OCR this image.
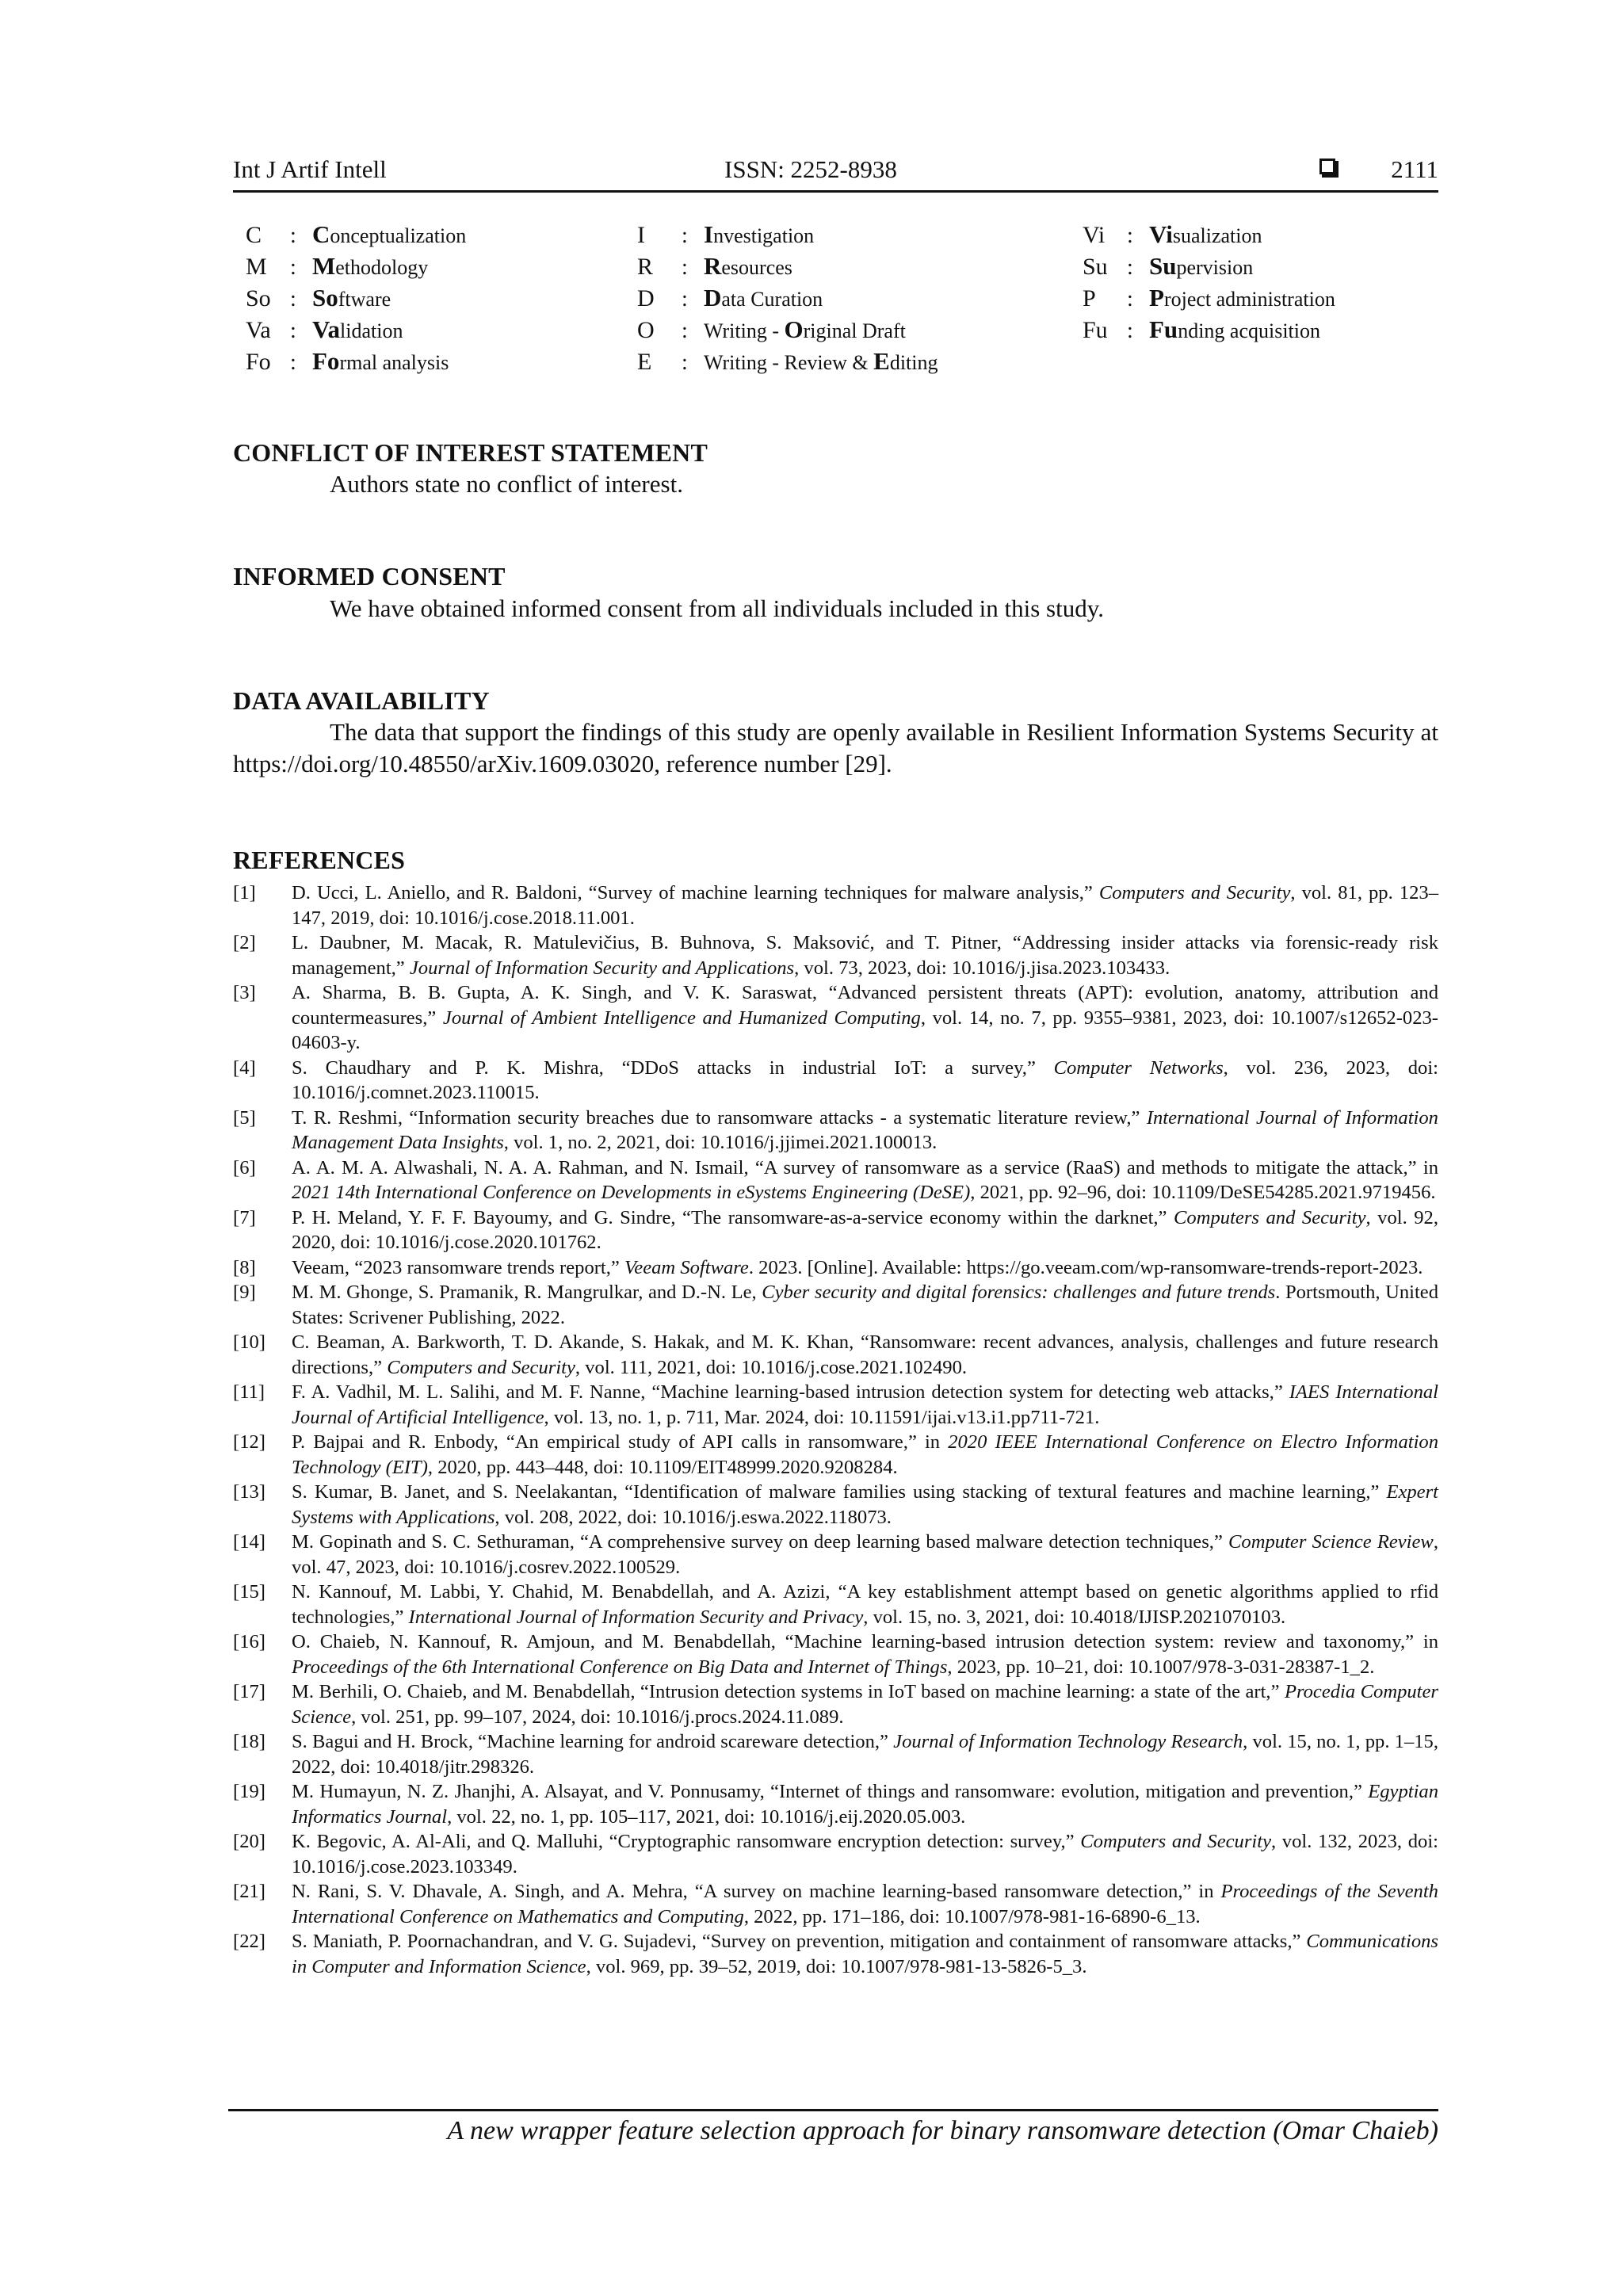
Int J Artif Intell	ISSN: 2252-8938	2111
C : Conceptualization
M : Methodology
So : Software
Va : Validation
Fo : Formal analysis
I : Investigation
R : Resources
D : Data Curation
O : Writing - Original Draft
E : Writing - Review & Editing
Vi : Visualization
Su : Supervision
P : Project administration
Fu : Funding acquisition
CONFLICT OF INTEREST STATEMENT
Authors state no conflict of interest.
INFORMED CONSENT
We have obtained informed consent from all individuals included in this study.
DATA AVAILABILITY
The data that support the findings of this study are openly available in Resilient Information Systems Security at https://doi.org/10.48550/arXiv.1609.03020, reference number [29].
REFERENCES
[1] D. Ucci, L. Aniello, and R. Baldoni, “Survey of machine learning techniques for malware analysis,” Computers and Security, vol. 81, pp. 123–147, 2019, doi: 10.1016/j.cose.2018.11.001.
[2] L. Daubner, M. Macak, R. Matulevičius, B. Buhnova, S. Maksović, and T. Pitner, “Addressing insider attacks via forensic-ready risk management,” Journal of Information Security and Applications, vol. 73, 2023, doi: 10.1016/j.jisa.2023.103433.
[3] A. Sharma, B. B. Gupta, A. K. Singh, and V. K. Saraswat, “Advanced persistent threats (APT): evolution, anatomy, attribution and countermeasures,” Journal of Ambient Intelligence and Humanized Computing, vol. 14, no. 7, pp. 9355–9381, 2023, doi: 10.1007/s12652-023-04603-y.
[4] S. Chaudhary and P. K. Mishra, “DDoS attacks in industrial IoT: a survey,” Computer Networks, vol. 236, 2023, doi: 10.1016/j.comnet.2023.110015.
[5] T. R. Reshmi, “Information security breaches due to ransomware attacks - a systematic literature review,” International Journal of Information Management Data Insights, vol. 1, no. 2, 2021, doi: 10.1016/j.jjimei.2021.100013.
[6] A. A. M. A. Alwashali, N. A. A. Rahman, and N. Ismail, “A survey of ransomware as a service (RaaS) and methods to mitigate the attack,” in 2021 14th International Conference on Developments in eSystems Engineering (DeSE), 2021, pp. 92–96, doi: 10.1109/DeSE54285.2021.9719456.
[7] P. H. Meland, Y. F. F. Bayoumy, and G. Sindre, “The ransomware-as-a-service economy within the darknet,” Computers and Security, vol. 92, 2020, doi: 10.1016/j.cose.2020.101762.
[8] Veeam, “2023 ransomware trends report,” Veeam Software. 2023. [Online]. Available: https://go.veeam.com/wp-ransomware-trends-report-2023.
[9] M. M. Ghonge, S. Pramanik, R. Mangrulkar, and D.-N. Le, Cyber security and digital forensics: challenges and future trends. Portsmouth, United States: Scrivener Publishing, 2022.
[10] C. Beaman, A. Barkworth, T. D. Akande, S. Hakak, and M. K. Khan, “Ransomware: recent advances, analysis, challenges and future research directions,” Computers and Security, vol. 111, 2021, doi: 10.1016/j.cose.2021.102490.
[11] F. A. Vadhil, M. L. Salihi, and M. F. Nanne, “Machine learning-based intrusion detection system for detecting web attacks,” IAES International Journal of Artificial Intelligence, vol. 13, no. 1, p. 711, Mar. 2024, doi: 10.11591/ijai.v13.i1.pp711-721.
[12] P. Bajpai and R. Enbody, “An empirical study of API calls in ransomware,” in 2020 IEEE International Conference on Electro Information Technology (EIT), 2020, pp. 443–448, doi: 10.1109/EIT48999.2020.9208284.
[13] S. Kumar, B. Janet, and S. Neelakantan, “Identification of malware families using stacking of textural features and machine learning,” Expert Systems with Applications, vol. 208, 2022, doi: 10.1016/j.eswa.2022.118073.
[14] M. Gopinath and S. C. Sethuraman, “A comprehensive survey on deep learning based malware detection techniques,” Computer Science Review, vol. 47, 2023, doi: 10.1016/j.cosrev.2022.100529.
[15] N. Kannouf, M. Labbi, Y. Chahid, M. Benabdellah, and A. Azizi, “A key establishment attempt based on genetic algorithms applied to rfid technologies,” International Journal of Information Security and Privacy, vol. 15, no. 3, 2021, doi: 10.4018/IJISP.2021070103.
[16] O. Chaieb, N. Kannouf, R. Amjoun, and M. Benabdellah, “Machine learning-based intrusion detection system: review and taxonomy,” in Proceedings of the 6th International Conference on Big Data and Internet of Things, 2023, pp. 10–21, doi: 10.1007/978-3-031-28387-1_2.
[17] M. Berhili, O. Chaieb, and M. Benabdellah, “Intrusion detection systems in IoT based on machine learning: a state of the art,” Procedia Computer Science, vol. 251, pp. 99–107, 2024, doi: 10.1016/j.procs.2024.11.089.
[18] S. Bagui and H. Brock, “Machine learning for android scareware detection,” Journal of Information Technology Research, vol. 15, no. 1, pp. 1–15, 2022, doi: 10.4018/jitr.298326.
[19] M. Humayun, N. Z. Jhanjhi, A. Alsayat, and V. Ponnusamy, “Internet of things and ransomware: evolution, mitigation and prevention,” Egyptian Informatics Journal, vol. 22, no. 1, pp. 105–117, 2021, doi: 10.1016/j.eij.2020.05.003.
[20] K. Begovic, A. Al-Ali, and Q. Malluhi, “Cryptographic ransomware encryption detection: survey,” Computers and Security, vol. 132, 2023, doi: 10.1016/j.cose.2023.103349.
[21] N. Rani, S. V. Dhavale, A. Singh, and A. Mehra, “A survey on machine learning-based ransomware detection,” in Proceedings of the Seventh International Conference on Mathematics and Computing, 2022, pp. 171–186, doi: 10.1007/978-981-16-6890-6_13.
[22] S. Maniath, P. Poornachandran, and V. G. Sujadevi, “Survey on prevention, mitigation and containment of ransomware attacks,” Communications in Computer and Information Science, vol. 969, pp. 39–52, 2019, doi: 10.1007/978-981-13-5826-5_3.
A new wrapper feature selection approach for binary ransomware detection (Omar Chaieb)
